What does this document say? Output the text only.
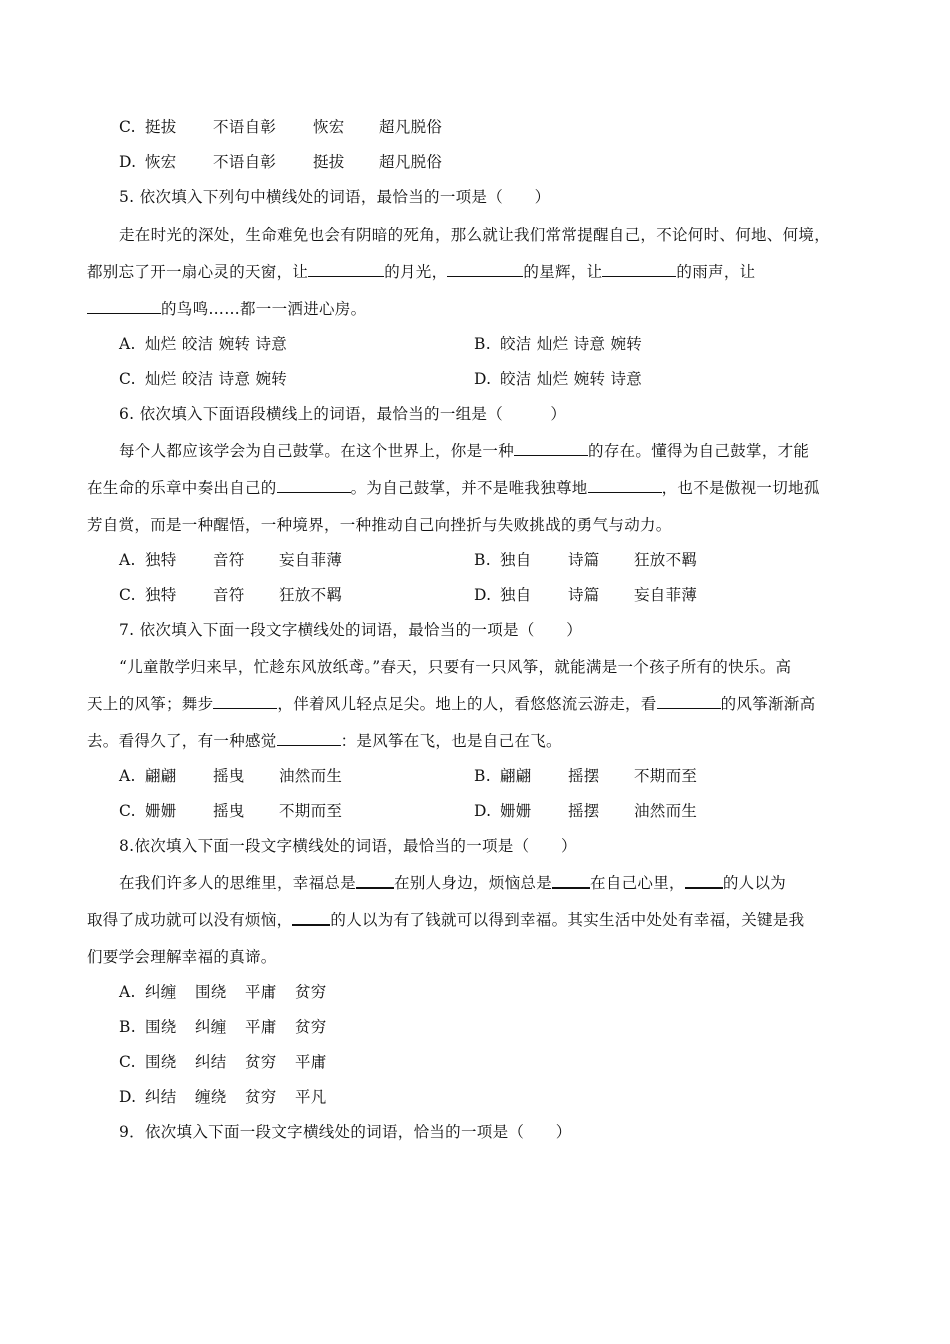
C. 挺拔 不语自彰 恢宏 超凡脱俗
D. 恢宏 不语自彰 挺拔 超凡脱俗
5. 依次填入下列句中横线处的词语，最恰当的一项是（　　）
走在时光的深处，生命难免也会有阴暗的死角，那么就让我们常常提醒自己，不论何时、何地、何境，
都别忘了开一扇心灵的天窗，让	的月光，	的星辉，让	的雨声，让
的鸟鸣……都一一洒进心房。
A. 灿烂 皎洁 婉转 诗意	B. 皎洁 灿烂 诗意 婉转
C. 灿烂 皎洁 诗意 婉转	D. 皎洁 灿烂 婉转 诗意
6. 依次填入下面语段横线上的词语，最恰当的一组是（　　　）
每个人都应该学会为自己鼓掌。在这个世界上，你是一种	的存在。懂得为自己鼓掌，才能
在生命的乐章中奏出自己的	。为自己鼓掌，并不是唯我独尊地	，也不是傲视一切地孤
芳自赏，而是一种醒悟，一种境界，一种推动自己向挫折与失败挑战的勇气与动力。
A. 独特 音符 妄自菲薄	B. 独自 诗篇 狂放不羁
C. 独特 音符 狂放不羁	D. 独自 诗篇 妄自菲薄
7. 依次填入下面一段文字横线处的词语，最恰当的一项是（　　）
“儿童散学归来早，忙趁东风放纸鸢。”春天，只要有一只风筝，就能满是一个孩子所有的快乐。高
天上的风筝；舞步	，伴着风儿轻点足尖。地上的人，看悠悠流云游走，看	的风筝渐渐高
去。看得久了，有一种感觉	：是风筝在飞，也是自己在飞。
A. 翩翩 摇曳 油然而生	B. 翩翩 摇摆 不期而至
C. 姗姗 摇曳 不期而至	D. 姗姗 摇摆 油然而生
8.依次填入下面一段文字横线处的词语，最恰当的一项是（　　）
在我们许多人的思维里，幸福总是 在别人身边，烦恼总是 在自己心里， 的人以为
取得了成功就可以没有烦恼， 的人以为有了钱就可以得到幸福。其实生活中处处有幸福，关键是我
们要学会理解幸福的真谛。
A. 纠缠 围绕 平庸 贫穷
B. 围绕 纠缠 平庸 贫穷
C. 围绕 纠结 贫穷 平庸
D. 纠结 缠绕 贫穷 平凡
9．依次填入下面一段文字横线处的词语，恰当的一项是（　　）
